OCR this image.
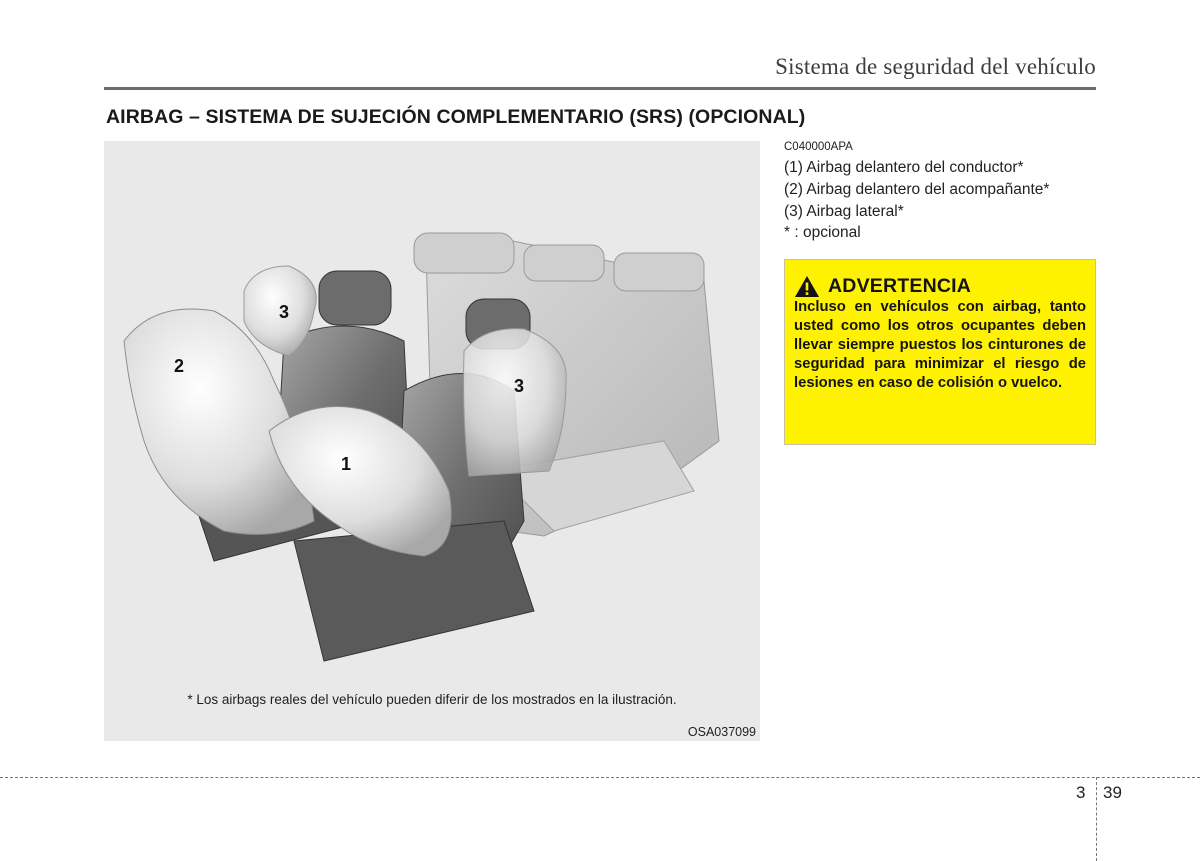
Sistema de seguridad del vehículo
AIRBAG – SISTEMA DE SUJECIÓN COMPLEMENTARIO (SRS) (OPCIONAL)
3
2
3
1
* Los airbags reales del vehículo pueden diferir de los mostrados en la ilustración.
OSA037099
C040000APA
(1) Airbag delantero del conductor*
(2) Airbag delantero del acompañante*
(3) Airbag lateral*
* : opcional
ADVERTENCIA
Incluso en vehículos con airbag, tanto usted como los otros ocupantes deben llevar siempre puestos los cinturones de seguridad para minimizar el riesgo de lesiones en caso de colisión o vuelco.
3 39
